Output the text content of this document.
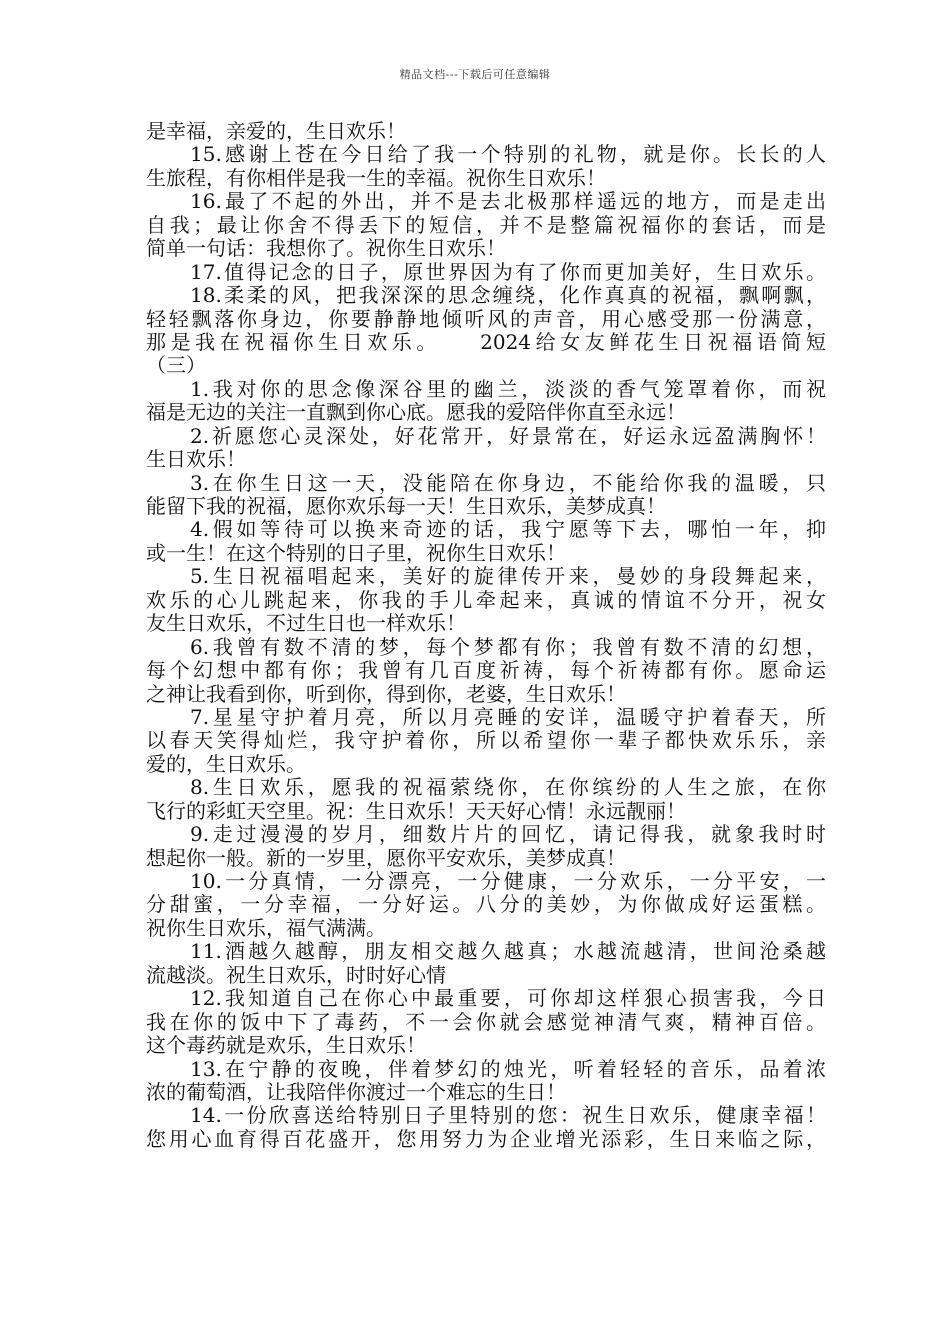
精品文档---下载后可任意编辑
是幸福，亲爱的，生日欢乐！
15.感谢上苍在今日给了我一个特别的礼物，就是你。长长的人
生旅程，有你相伴是我一生的幸福。祝你生日欢乐！
16.最了不起的外出，并不是去北极那样遥远的地方，而是走出
自我；最让你舍不得丢下的短信，并不是整篇祝福你的套话，而是
简单一句话：我想你了。祝你生日欢乐！
17.值得记念的日子，原世界因为有了你而更加美好，生日欢乐。
18.柔柔的风，把我深深的思念缠绕，化作真真的祝福，飘啊飘，
轻轻飘落你身边，你要静静地倾听风的声音，用心感受那一份满意，
那是我在祝福你生日欢乐。　　2024给女友鲜花生日祝福语简短
（三）
1.我对你的思念像深谷里的幽兰，淡淡的香气笼罩着你，而祝
福是无边的关注一直飘到你心底。愿我的爱陪伴你直至永远！
2.祈愿您心灵深处，好花常开，好景常在，好运永远盈满胸怀！
生日欢乐！
3.在你生日这一天，没能陪在你身边，不能给你我的温暖，只
能留下我的祝福，愿你欢乐每一天！生日欢乐，美梦成真！
4.假如等待可以换来奇迹的话，我宁愿等下去，哪怕一年，抑
或一生！在这个特别的日子里，祝你生日欢乐！
5.生日祝福唱起来，美好的旋律传开来，曼妙的身段舞起来，
欢乐的心儿跳起来，你我的手儿牵起来，真诚的情谊不分开，祝女
友生日欢乐，不过生日也一样欢乐！
6.我曾有数不清的梦，每个梦都有你；我曾有数不清的幻想，
每个幻想中都有你；我曾有几百度祈祷，每个祈祷都有你。愿命运
之神让我看到你，听到你，得到你，老婆，生日欢乐！
7.星星守护着月亮，所以月亮睡的安详，温暖守护着春天，所
以春天笑得灿烂，我守护着你，所以希望你一辈子都快欢乐乐，亲
爱的，生日欢乐。
8.生日欢乐，愿我的祝福萦绕你，在你缤纷的人生之旅，在你
飞行的彩虹天空里。祝：生日欢乐！天天好心情！永远靓丽！
9.走过漫漫的岁月，细数片片的回忆，请记得我，就象我时时
想起你一般。新的一岁里，愿你平安欢乐，美梦成真！
10.一分真情，一分漂亮，一分健康，一分欢乐，一分平安，一
分甜蜜，一分幸福，一分好运。八分的美妙，为你做成好运蛋糕。
祝你生日欢乐，福气满满。
11.酒越久越醇，朋友相交越久越真；水越流越清，世间沧桑越
流越淡。祝生日欢乐，时时好心情
12.我知道自己在你心中最重要，可你却这样狠心损害我，今日
我在你的饭中下了毒药，不一会你就会感觉神清气爽，精神百倍。
这个毒药就是欢乐，生日欢乐！
13.在宁静的夜晚，伴着梦幻的烛光，听着轻轻的音乐，品着浓
浓的葡萄酒，让我陪伴你渡过一个难忘的生日！
14.一份欣喜送给特别日子里特别的您：祝生日欢乐，健康幸福！
您用心血育得百花盛开，您用努力为企业增光添彩，生日来临之际，
